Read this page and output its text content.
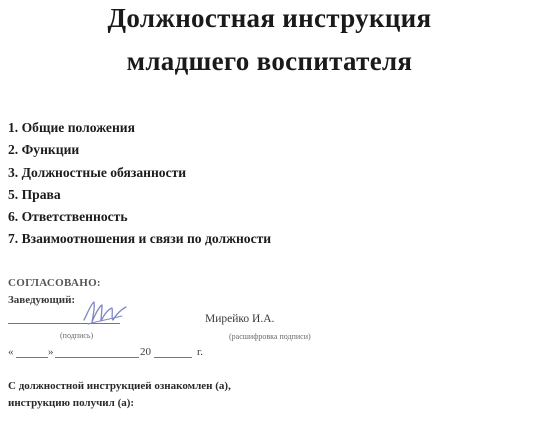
Должностная инструкция
младшего воспитателя
1. Общие положения
2. Функции
3. Должностные обязанности
5. Права
6. Ответственность
7. Взаимоотношения и связи по должности
СОГЛАСОВАНО:
Заведующий:
Мирейко И.А.
(подпись)	(расшифровка подписи)
«	»	20	г.
С должностной инструкцией ознакомлен (а),
инструкцию получил (а):
